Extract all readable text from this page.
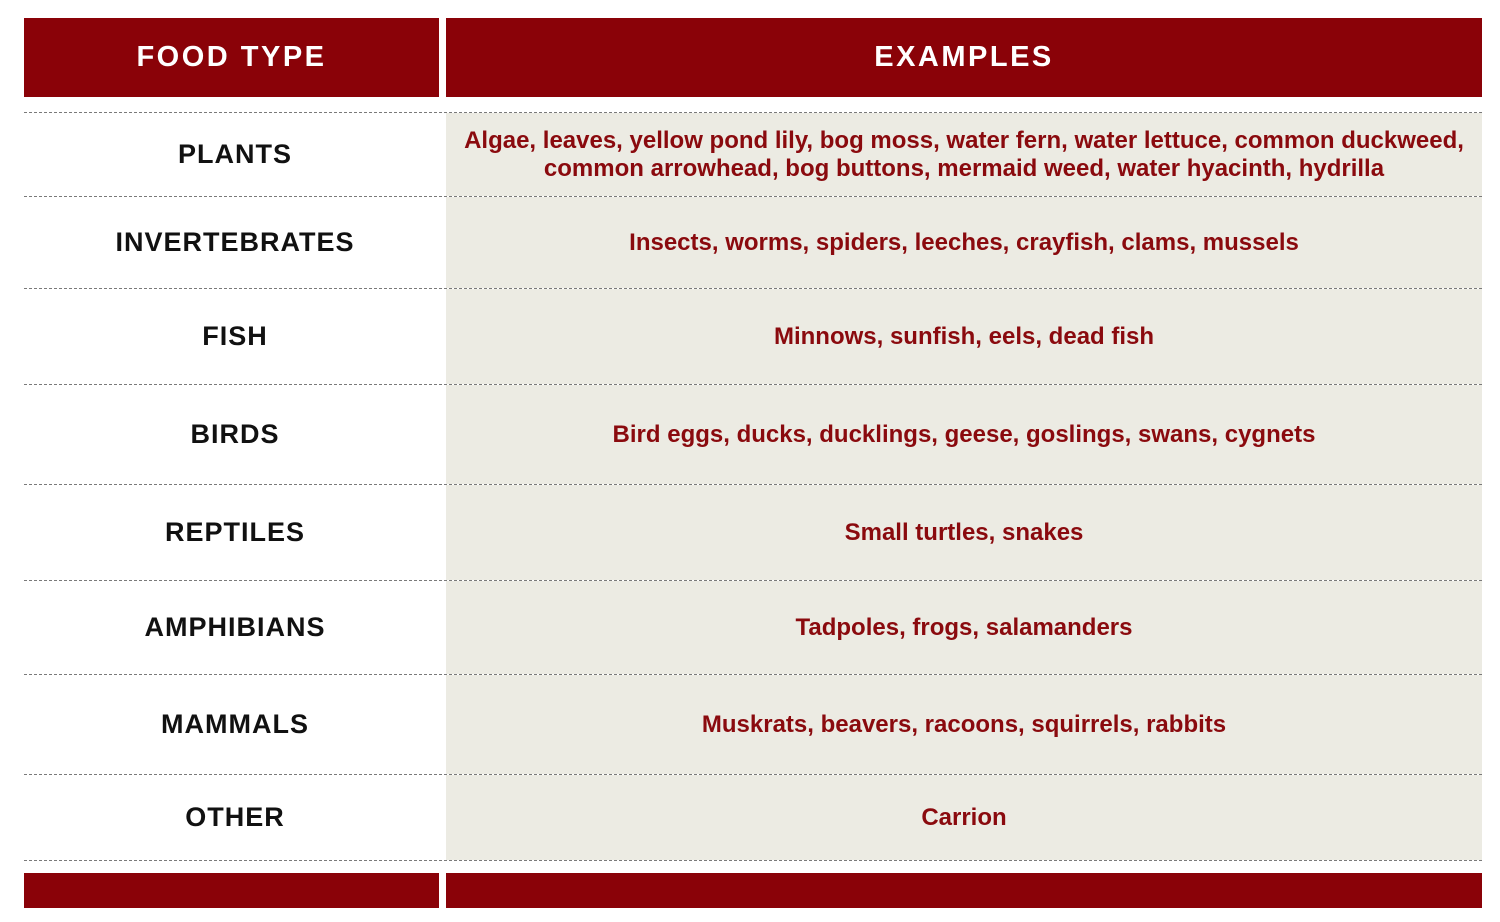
FOOD TYPE	EXAMPLES
PLANTS	Algae, leaves, yellow pond lily, bog moss, water fern, water lettuce, common duckweed, common arrowhead, bog buttons, mermaid weed, water hyacinth, hydrilla
INVERTEBRATES	Insects, worms, spiders, leeches, crayfish, clams, mussels
FISH	Minnows, sunfish, eels, dead fish
BIRDS	Bird eggs, ducks, ducklings, geese, goslings, swans, cygnets
REPTILES	Small turtles, snakes
AMPHIBIANS	Tadpoles, frogs, salamanders
MAMMALS	Muskrats, beavers, racoons, squirrels, rabbits
OTHER	Carrion
